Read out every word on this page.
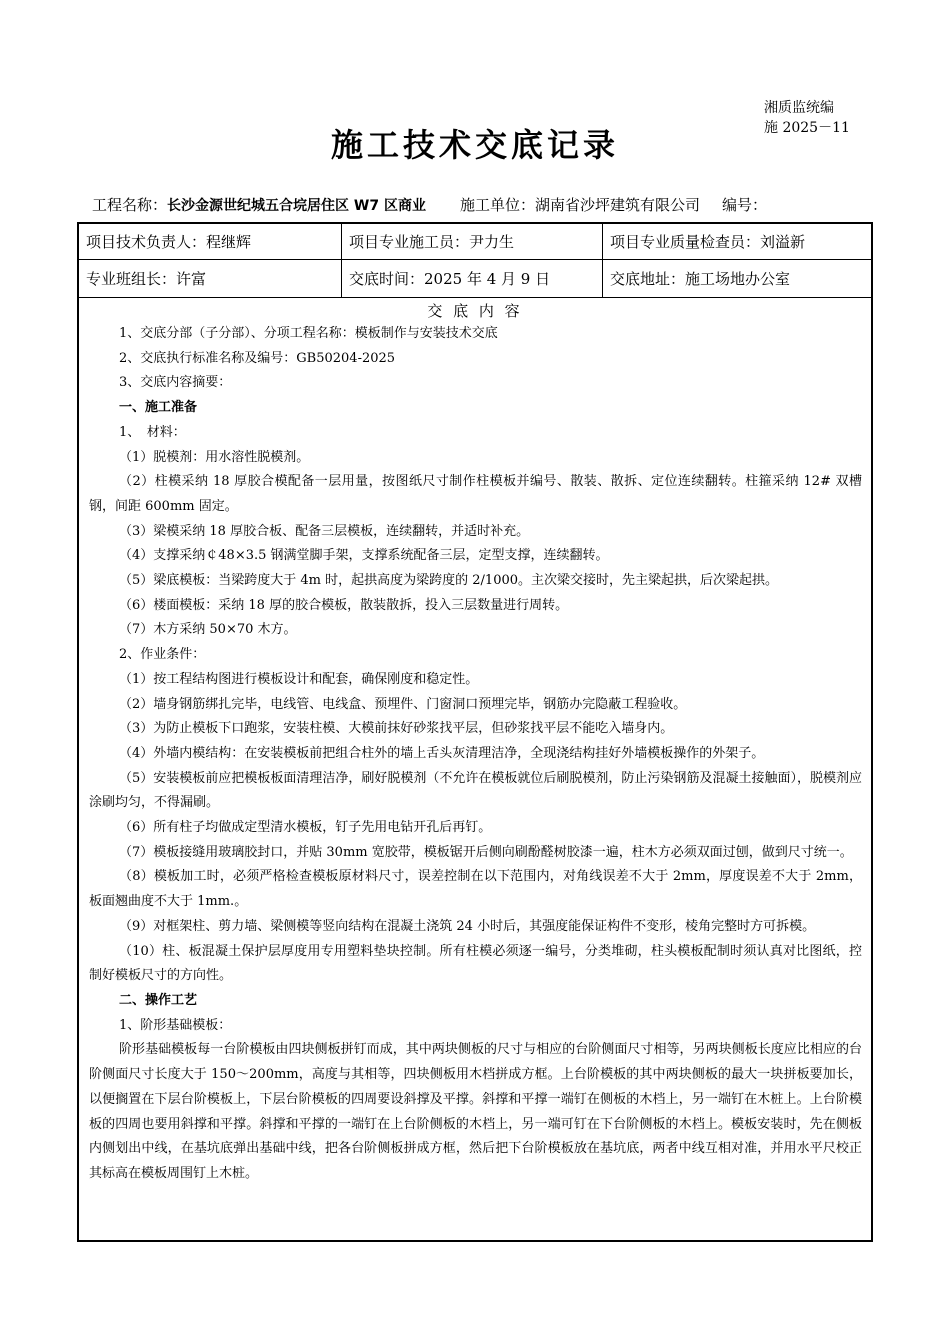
湘质监统编
施 2025－11
施工技术交底记录
工程名称：长沙金源世纪城五合垸居住区 W7 区商业 施工单位：湖南省沙坪建筑有限公司 编号：
项目技术负责人：程继辉	项目专业施工员：尹力生	项目专业质量检查员：刘溢新
专业班组长：许富	交底时间：2025 年 4 月 9 日	交底地址：施工场地办公室
交 底 内 容

1、交底分部（子分部）、分项工程名称：模板制作与安装技术交底

2、交底执行标准名称及编号：GB50204-2025

3、交底内容摘要：

一、施工准备

1、　材料：

（1）脱模剂：用水溶性脱模剂。

（2）柱模采纳 18 厚胶合模配备一层用量，按图纸尺寸制作柱模板并编号、散装、散拆、定位连续翻转。柱箍采纳 12# 双槽钢，间距 600mm 固定。

（3）梁模采纳 18 厚胶合板、配备三层模板，连续翻转，并适时补充。

（4）支撑采纳￠48×3.5 钢满堂脚手架，支撑系统配备三层，定型支撑，连续翻转。

（5）梁底模板：当梁跨度大于 4m 时，起拱高度为梁跨度的 2/1000。主次梁交接时，先主梁起拱，后次梁起拱。

（6）楼面模板：采纳 18 厚的胶合模板，散装散拆，投入三层数量进行周转。

（7）木方采纳 50×70 木方。

2、作业条件：

（1）按工程结构图进行模板设计和配套，确保刚度和稳定性。

（2）墙身钢筋绑扎完毕，电线管、电线盒、预埋件、门窗洞口预埋完毕，钢筋办完隐蔽工程验收。

（3）为防止模板下口跑浆，安装柱模、大模前抹好砂浆找平层，但砂浆找平层不能吃入墙身内。

（4）外墙内模结构：在安装模板前把组合柱外的墙上舌头灰清理洁净，全现浇结构挂好外墙模板操作的外架子。

（5）安装模板前应把模板板面清理洁净，刷好脱模剂（不允许在模板就位后刷脱模剂，防止污染钢筋及混凝土接触面），脱模剂应涂刷均匀，不得漏刷。

（6）所有柱子均做成定型清水模板，钉子先用电钻开孔后再钉。

（7）模板接缝用玻璃胶封口，并贴 30mm 宽胶带，模板锯开后侧向刷酚醛树胶漆一遍，柱木方必须双面过刨，做到尺寸统一。

（8）模板加工时，必须严格检查模板原材料尺寸，误差控制在以下范围内，对角线误差不大于 2mm，厚度误差不大于 2mm，板面翘曲度不大于 1mm.。

（9）对框架柱、剪力墙、梁侧模等竖向结构在混凝土浇筑 24 小时后，其强度能保证构件不变形，棱角完整时方可拆模。

（10）柱、板混凝土保护层厚度用专用塑料垫块控制。所有柱模必须逐一编号，分类堆砌，柱头模板配制时须认真对比图纸，控制好模板尺寸的方向性。

二、操作工艺

1、阶形基础模板：

阶形基础模板每一台阶模板由四块侧板拼钉而成，其中两块侧板的尺寸与相应的台阶侧面尺寸相等，另两块侧板长度应比相应的台阶侧面尺寸长度大于 150～200mm，高度与其相等，四块侧板用木档拼成方框。上台阶模板的其中两块侧板的最大一块拼板要加长，以便搁置在下层台阶模板上，下层台阶模板的四周要设斜撑及平撑。斜撑和平撑一端钉在侧板的木档上，另一端钉在木桩上。上台阶模板的四周也要用斜撑和平撑。斜撑和平撑的一端钉在上台阶侧板的木档上，另一端可钉在下台阶侧板的木档上。模板安装时，先在侧板内侧划出中线，在基坑底弹出基础中线，把各台阶侧板拼成方框，然后把下台阶模板放在基坑底，两者中线互相对准，并用水平尺校正其标高在模板周围钉上木桩。
